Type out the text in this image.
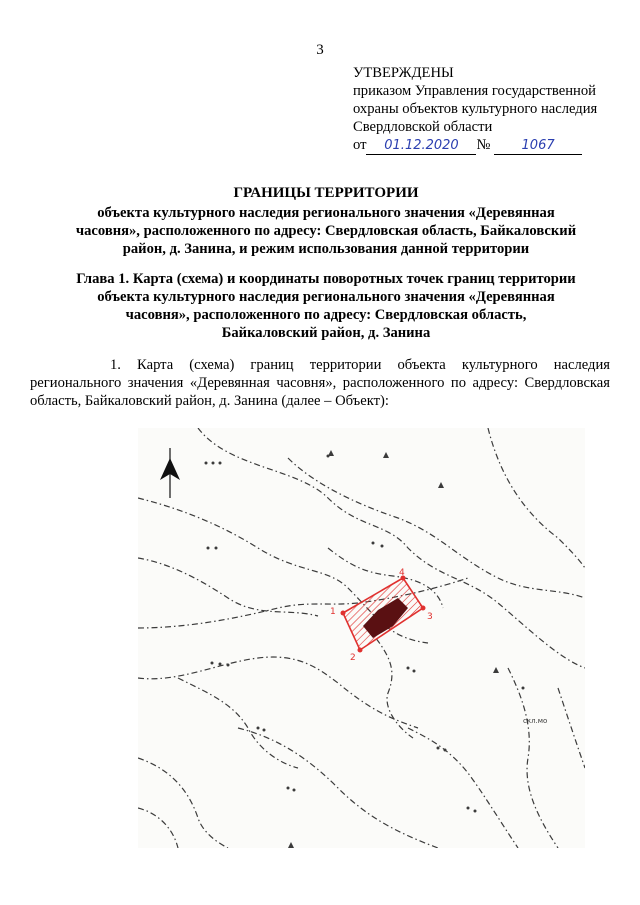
3
УТВЕРЖДЕНЫ
приказом Управления государственной
охраны объектов культурного наследия
Свердловской области
от 01.12.2020 № 1067
ГРАНИЦЫ ТЕРРИТОРИИ
объекта культурного наследия регионального значения «Деревянная
часовня», расположенного по адресу: Свердловская область, Байкаловский
район, д. Занина, и режим использования данной территории
Глава 1. Карта (схема) и координаты поворотных точек границ территории
объекта культурного наследия регионального значения «Деревянная
часовня», расположенного по адресу: Свердловская область,
Байкаловский район, д. Занина
1. Карта (схема) границ территории объекта культурного наследия регионального значения «Деревянная часовня», расположенного по адресу: Свердловская область, Байкаловский район, д. Занина (далее – Объект):
скл.мо
1
2
3
4
